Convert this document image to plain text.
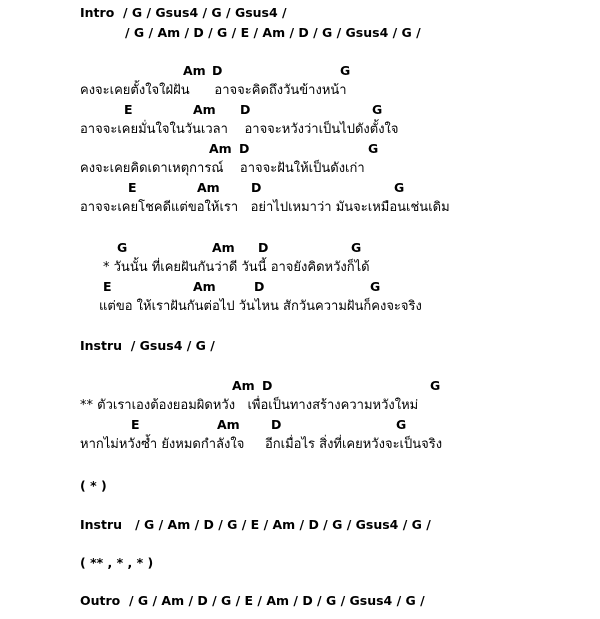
Intro  / G / Gsus4 / G / Gsus4 /
/ G / Am / D / G / E / Am / D / G / Gsus4 / G /
Am D	G
คงจะเคยตั้งใจใฝ่ฝัน      อาจจะคิดถึงวันข้างหน้า
E	Am D	G
อาจจะเคยมั่นใจในวันเวลา    อาจจะหวังว่าเป็นไปดังตั้งใจ
Am D	G
คงจะเคยคิดเดาเหตุการณ์    อาจจะฝันให้เป็นดังเก่า
E	Am	D	G
อาจจะเคยโชคดีแต่ขอให้เรา   อย่าไปเหมาว่า มันจะเหมือนเช่นเดิม
G	Am D	G
* วันนั้น ที่เคยฝันกันว่าดี วันนี้ อาจยังคิดหวังก็ได้
E	Am	D	G
แต่ขอ ให้เราฝันกันต่อไป วันไหน สักวันความฝันก็คงจะจริง
Instru  / Gsus4 / G /
Am D	G
** ตัวเราเองต้องยอมผิดหวัง   เพื่อเป็นทางสร้างความหวังใหม่
E	Am	D	G
หากไม่หวังซ้ำ ยังหมดกำลังใจ     อีกเมื่อไร สิ่งที่เคยหวังจะเป็นจริง
( * )
Instru   / G / Am / D / G / E / Am / D / G / Gsus4 / G /
( ** , * , * )
Outro  / G / Am / D / G / E / Am / D / G / Gsus4 / G /
